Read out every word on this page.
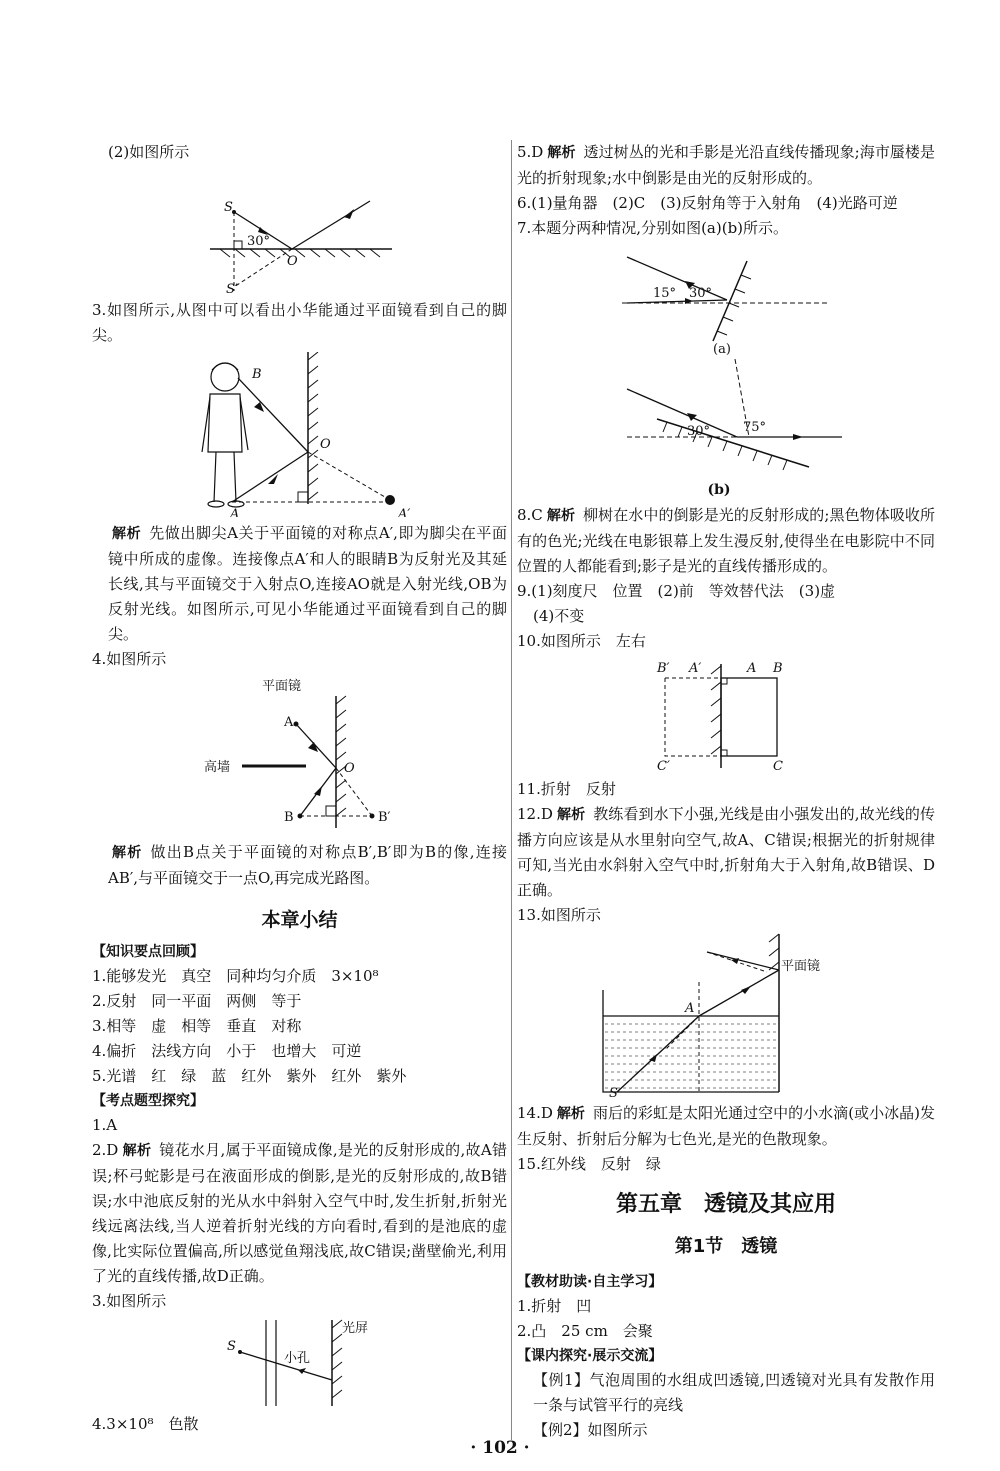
(2)如图所示

S
S′
O
30°

3.如图所示,从图中可以看出小华能通过平面镜看到自己的脚尖。

B
A	A′
O

解析 先做出脚尖A关于平面镜的对称点A′,即为脚尖在平面镜中所成的虚像。连接像点A′和人的眼睛B为反射光及其延长线,其与平面镜交于入射点O,连接AO就是入射光线,OB为反射光线。如图所示,可见小华能通过平面镜看到自己的脚尖。

4.如图所示

平面镜
A
B	B′
O
高墙

解析 做出B点关于平面镜的对称点B′,B′即为B的像,连接AB′,与平面镜交于一点O,再完成光路图。

本章小结
【知识要点回顾】

1.能够发光　真空　同种均匀介质　3×10⁸

2.反射　同一平面　两侧　等于

3.相等　虚　相等　垂直　对称

4.偏折　法线方向　小于　也增大　可逆

5.光谱　红　绿　蓝　红外　紫外　红外　紫外

【考点题型探究】

1.A

2.D 解析 镜花水月,属于平面镜成像,是光的反射形成的,故A错误;杯弓蛇影是弓在液面形成的倒影,是光的反射形成的,故B错误;水中池底反射的光从水中斜射入空气中时,发生折射,折射光线远离法线,当人逆着折射光线的方向看时,看到的是池底的虚像,比实际位置偏高,所以感觉鱼翔浅底,故C错误;凿壁偷光,利用了光的直线传播,故D正确。

3.如图所示

S
小孔
光屏

4.3×10⁸　色散

5.D 解析 透过树丛的光和手影是光沿直线传播现象;海市蜃楼是光的折射现象;水中倒影是由光的反射形成的。

6.(1)量角器　(2)C　(3)反射角等于入射角　(4)光路可逆

7.本题分两种情况,分别如图(a)(b)所示。

15° 30°
(a)
30°	75°

(b)

8.C 解析 柳树在水中的倒影是光的反射形成的;黑色物体吸收所有的色光;光线在电影银幕上发生漫反射,使得坐在电影院中不同位置的人都能看到;影子是光的直线传播形成的。

9.(1)刻度尺　位置　(2)前　等效替代法　(3)虚

(4)不变

10.如图所示　左右

B′ A′	A B
C′	C

11.折射　反射

12.D 解析 教练看到水下小强,光线是由小强发出的,故光线的传播方向应该是从水里射向空气,故A、C错误;根据光的折射规律可知,当光由水斜射入空气中时,折射角大于入射角,故B错误、D正确。

13.如图所示

平面镜
A
S

14.D 解析 雨后的彩虹是太阳光通过空中的小水滴(或小冰晶)发生反射、折射后分解为七色光,是光的色散现象。

15.红外线　反射　绿

第五章　透镜及其应用
第1节　透镜
【教材助读·自主学习】

1.折射　凹

2.凸　25 cm　会聚

【课内探究·展示交流】

【例1】气泡周围的水组成凹透镜,凹透镜对光具有发散作用　一条与试管平行的亮线

【例2】如图所示

· 102 ·
